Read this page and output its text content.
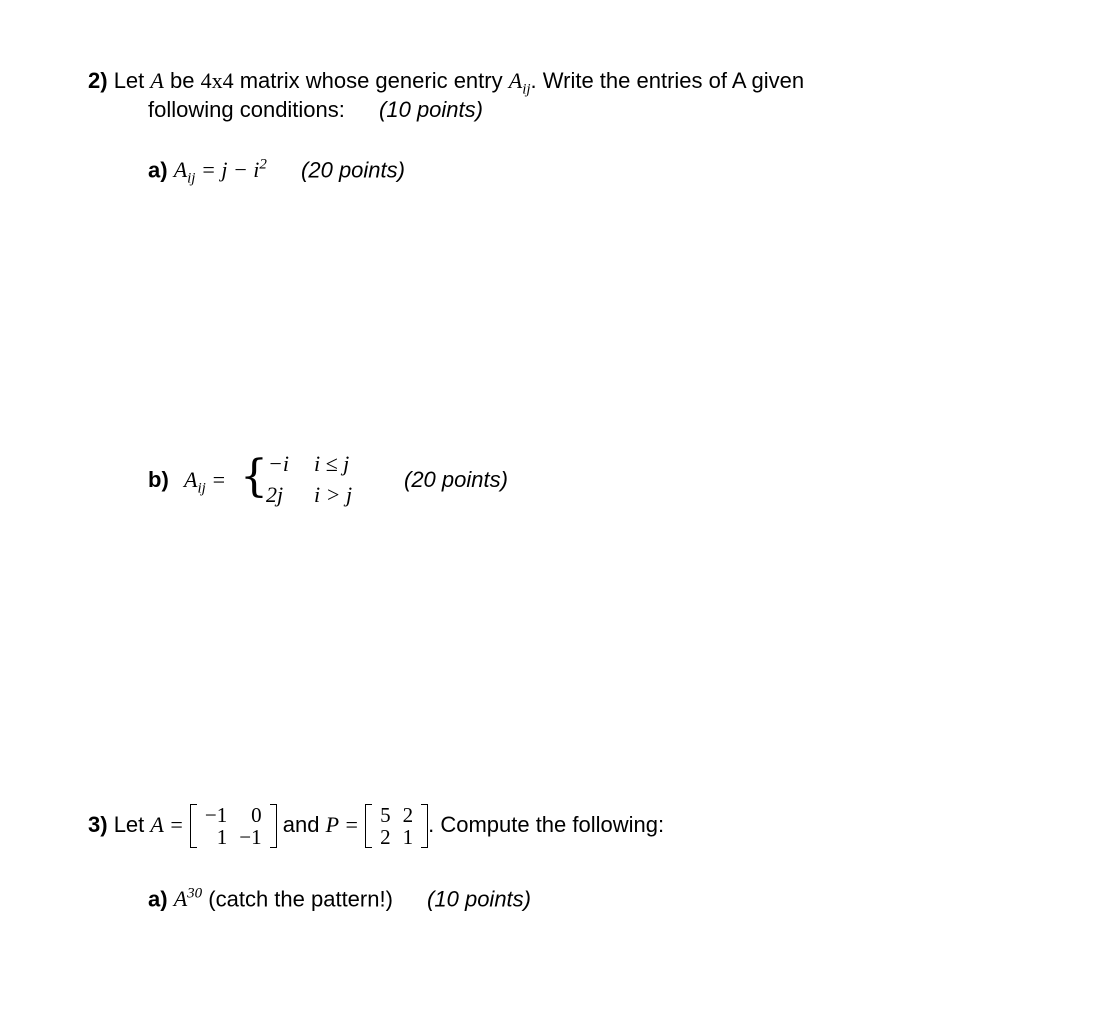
2) Let A be 4x4 matrix whose generic entry $A_{ij}$. Write the entries of A given
following conditions: (10 points)
a) $A_{ij} = j - i^2$ (20 points)
b) $A_{ij}$ = { −i i ≤ j
2j i > j
(20 points)
3) Let A = −1	0
1	−1
and P = 5	2
2	1
. Compute the following:
a) $A^{30}$ (catch the pattern!) (10 points)
